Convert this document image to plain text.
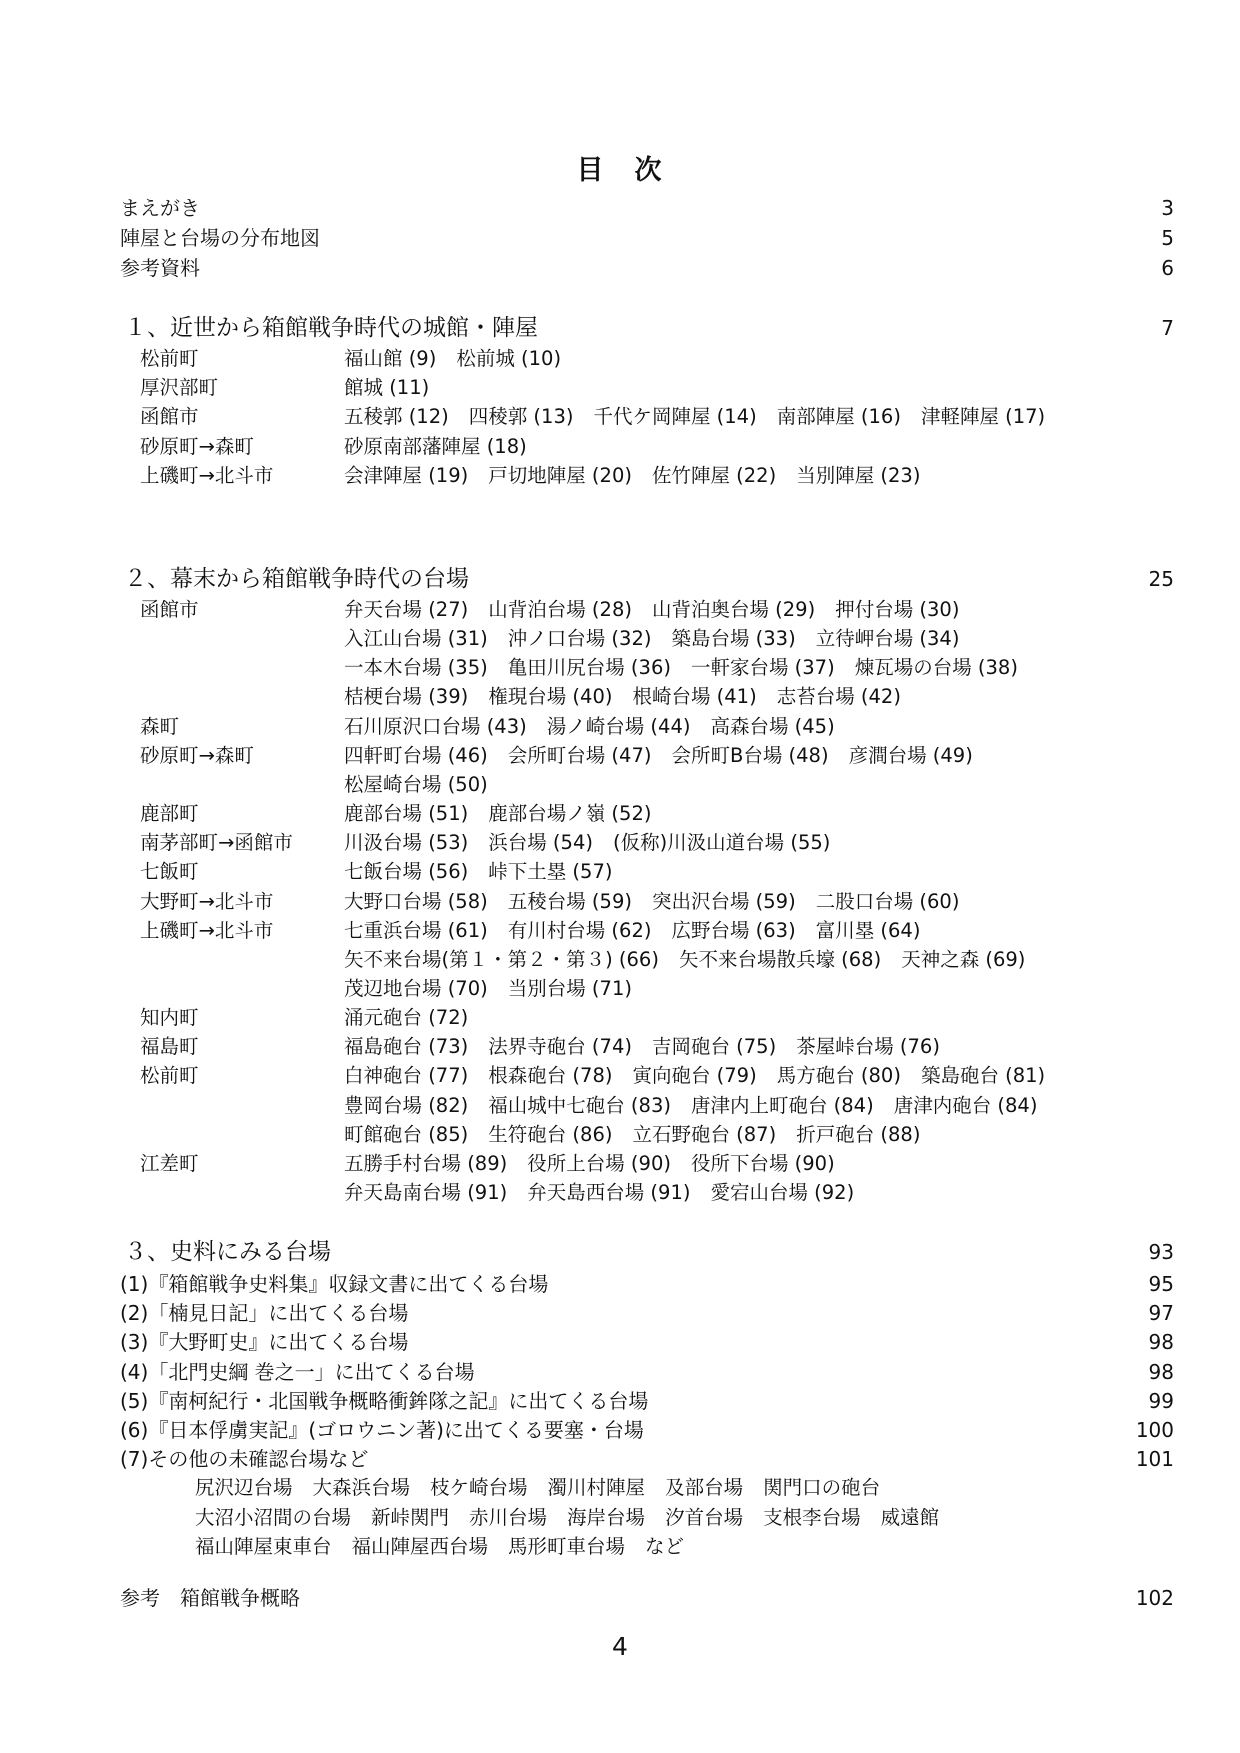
目　次
まえがき	3
陣屋と台場の分布地図	5
参考資料	6
１、近世から箱館戦争時代の城館・陣屋	7
松前町	福山館 (9) 松前城 (10)
厚沢部町	館城 (11)
函館市	五稜郭 (12) 四稜郭 (13) 千代ケ岡陣屋 (14) 南部陣屋 (16) 津軽陣屋 (17)
砂原町→森町	砂原南部藩陣屋 (18)
上磯町→北斗市	会津陣屋 (19) 戸切地陣屋 (20) 佐竹陣屋 (22) 当別陣屋 (23)
２、幕末から箱館戦争時代の台場	25
函館市	弁天台場 (27) 山背泊台場 (28) 山背泊奥台場 (29) 押付台場 (30)
入江山台場 (31) 沖ノ口台場 (32) 築島台場 (33) 立待岬台場 (34)
一本木台場 (35) 亀田川尻台場 (36) 一軒家台場 (37) 煉瓦場の台場 (38)
桔梗台場 (39) 権現台場 (40) 根崎台場 (41) 志苔台場 (42)
森町	石川原沢口台場 (43) 湯ノ崎台場 (44) 高森台場 (45)
砂原町→森町	四軒町台場 (46) 会所町台場 (47) 会所町B台場 (48) 彦澗台場 (49)
松屋崎台場 (50)
鹿部町	鹿部台場 (51) 鹿部台場ノ嶺 (52)
南茅部町→函館市	川汲台場 (53) 浜台場 (54) (仮称)川汲山道台場 (55)
七飯町	七飯台場 (56) 峠下土塁 (57)
大野町→北斗市	大野口台場 (58) 五稜台場 (59) 突出沢台場 (59) 二股口台場 (60)
上磯町→北斗市	七重浜台場 (61) 有川村台場 (62) 広野台場 (63) 富川塁 (64)
矢不来台場(第１・第２・第３) (66) 矢不来台場散兵壕 (68) 天神之森 (69)
茂辺地台場 (70) 当別台場 (71)
知内町	涌元砲台 (72)
福島町	福島砲台 (73) 法界寺砲台 (74) 吉岡砲台 (75) 茶屋峠台場 (76)
松前町	白神砲台 (77) 根森砲台 (78) 寅向砲台 (79) 馬方砲台 (80) 築島砲台 (81)
豊岡台場 (82) 福山城中七砲台 (83) 唐津内上町砲台 (84) 唐津内砲台 (84)
町館砲台 (85) 生符砲台 (86) 立石野砲台 (87) 折戸砲台 (88)
江差町	五勝手村台場 (89) 役所上台場 (90) 役所下台場 (90)
弁天島南台場 (91) 弁天島西台場 (91) 愛宕山台場 (92)
３、史料にみる台場	93
(1)『箱館戦争史料集』収録文書に出てくる台場	95
(2)「楠見日記」に出てくる台場	97
(3)『大野町史』に出てくる台場	98
(4)「北門史綱 巻之一」に出てくる台場	98
(5)『南柯紀行・北国戦争概略衝鉾隊之記』に出てくる台場	99
(6)『日本俘虜実記』(ゴロウニン著)に出てくる要塞・台場	100
(7)その他の未確認台場など	101
尻沢辺台場 大森浜台場 枝ケ崎台場 濁川村陣屋 及部台場 関門口の砲台
大沼小沼間の台場 新峠関門 赤川台場 海岸台場 汐首台場 支根李台場 威遠館
福山陣屋東車台 福山陣屋西台場 馬形町車台場 など
参考　箱館戦争概略	102
4
